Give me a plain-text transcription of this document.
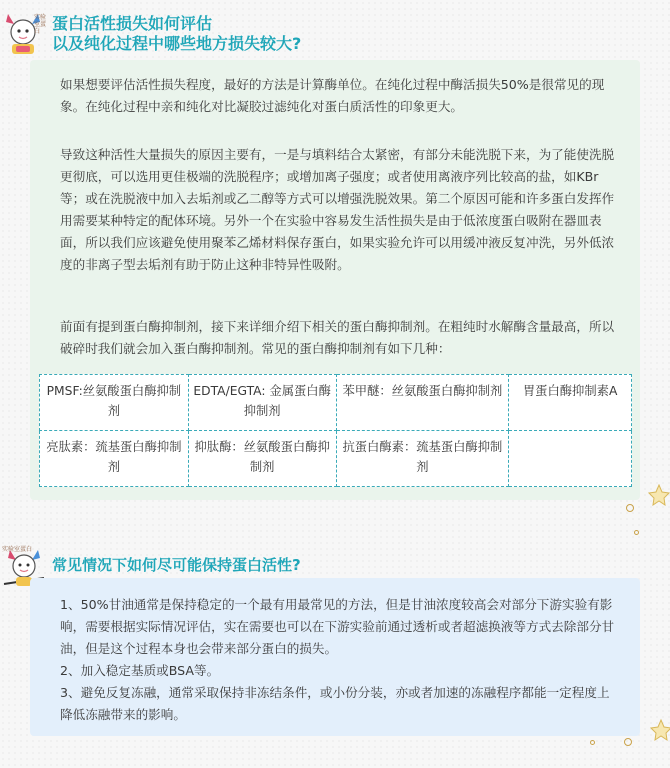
实验室蛋白 蛋白活性损失如何评估
以及纯化过程中哪些地方损失较大?

如果想要评估活性损失程度，最好的方法是计算酶单位。在纯化过程中酶活损失50%是很常见的现象。在纯化过程中亲和纯化对比凝胶过滤纯化对蛋白质活性的印象更大。

导致这种活性大量损失的原因主要有，一是与填料结合太紧密，有部分未能洗脱下来，为了能使洗脱更彻底，可以选用更佳极端的洗脱程序；或增加离子强度；或者使用离液序列比较高的盐，如KBr等；或在洗脱液中加入去垢剂或乙二醇等方式可以增强洗脱效果。第二个原因可能和许多蛋白发挥作用需要某种特定的配体环境。另外一个在实验中容易发生活性损失是由于低浓度蛋白吸附在器皿表面，所以我们应该避免使用聚苯乙烯材料保存蛋白，如果实验允许可以用缓冲液反复冲洗，另外低浓度的非离子型去垢剂有助于防止这种非特异性吸附。

前面有提到蛋白酶抑制剂，接下来详细介绍下相关的蛋白酶抑制剂。在粗纯时水解酶含量最高，所以破碎时我们就会加入蛋白酶抑制剂。常见的蛋白酶抑制剂有如下几种：

PMSF:丝氨酸蛋白酶抑制剂	EDTA/EGTA: 金属蛋白酶抑制剂	苯甲醚：丝氨酸蛋白酶抑制剂	胃蛋白酶抑制素A
亮肽素：巯基蛋白酶抑制剂	抑肽酶：丝氨酸蛋白酶抑制剂	抗蛋白酶素：巯基蛋白酶抑制剂	
实验室蛋白
常见情况下如何尽可能保持蛋白活性?

1、50%甘油通常是保持稳定的一个最有用最常见的方法，但是甘油浓度较高会对部分下游实验有影响，需要根据实际情况评估，实在需要也可以在下游实验前通过透析或者超滤换液等方式去除部分甘油，但是这个过程本身也会带来部分蛋白的损失。

2、加入稳定基质或BSA等。

3、避免反复冻融，通常采取保持非冻结条件，或小份分装，亦或者加速的冻融程序都能一定程度上降低冻融带来的影响。
